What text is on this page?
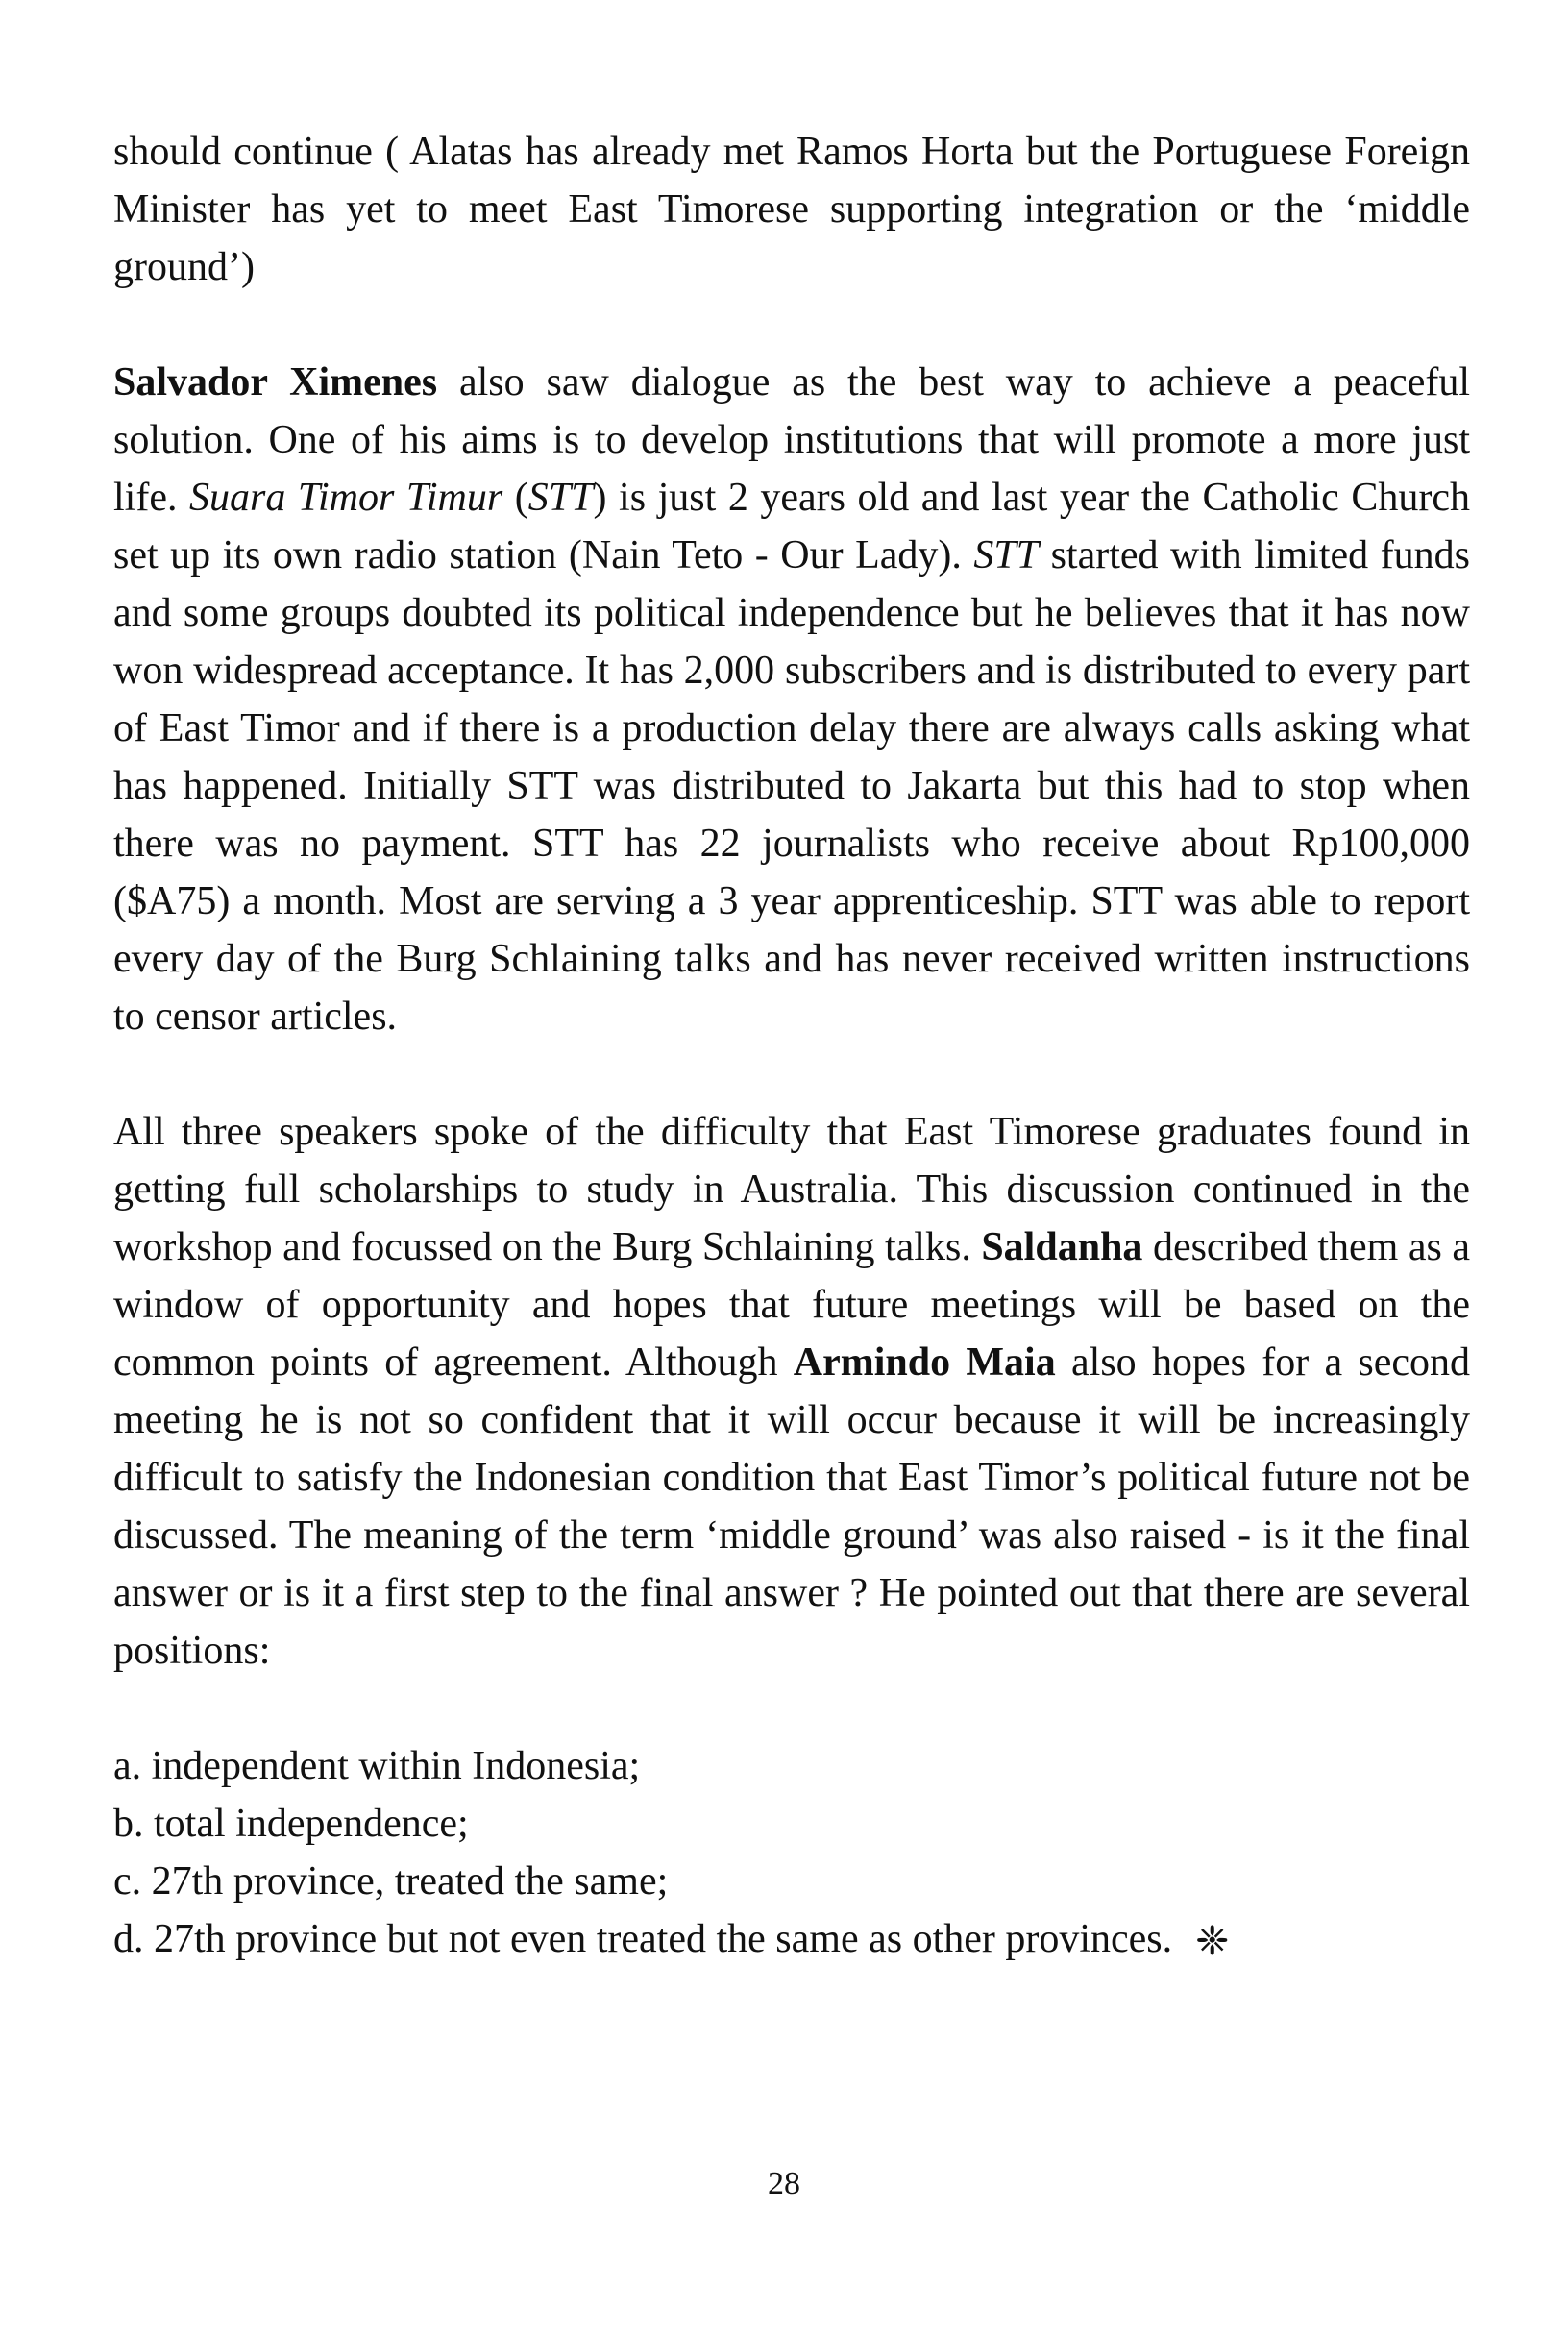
should continue ( Alatas has already met Ramos Horta but the Portuguese Foreign Minister has yet to meet East Timorese supporting integration or the ‘middle ground’)

Salvador Ximenes also saw dialogue as the best way to achieve a peaceful solution. One of his aims is to develop institutions that will promote a more just life. Suara Timor Timur (STT) is just 2 years old and last year the Catholic Church set up its own radio station (Nain Teto - Our Lady). STT started with limited funds and some groups doubted its political independence but he believes that it has now won widespread acceptance. It has 2,000 subscribers and is distributed to every part of East Timor and if there is a production delay there are always calls asking what has happened. Initially STT was distributed to Jakarta but this had to stop when there was no payment. STT has 22 journalists who receive about Rp100,000 ($A75) a month. Most are serving a 3 year apprenticeship. STT was able to report every day of the Burg Schlaining talks and has never received written instructions to censor articles.

All three speakers spoke of the difficulty that East Timorese graduates found in getting full scholarships to study in Australia. This discussion continued in the workshop and focussed on the Burg Schlaining talks. Saldanha described them as a window of opportunity and hopes that future meetings will be based on the common points of agreement. Although Armindo Maia also hopes for a second meeting he is not so confident that it will occur because it will be increasingly difficult to satisfy the Indonesian condition that East Timor’s political future not be discussed. The meaning of the term ‘middle ground’ was also raised - is it the final answer or is it a first step to the final answer ? He pointed out that there are several positions:

a. independent within Indonesia;
b. total independence;
c. 27th province, treated the same;
d. 27th province but not even treated the same as other provinces. ❈
28
